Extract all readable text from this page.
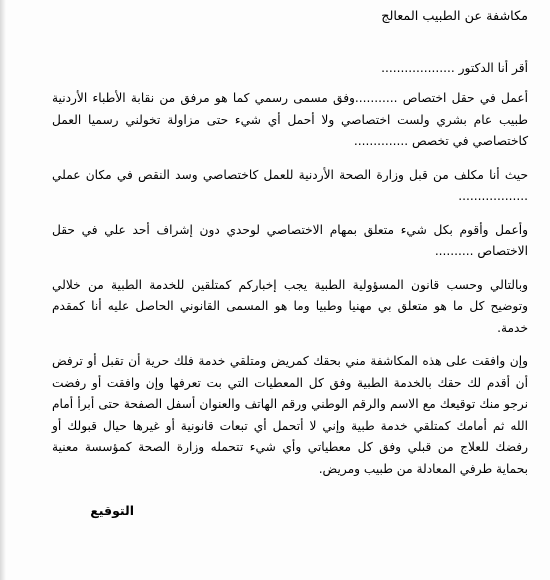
مكاشفة عن الطبيب المعالج
أقر أنا الدكتور ...................
أعمل في حقل اختصاص ...........وفق مسمى رسمي كما هو مرفق من نقابة الأطباء الأردنية طبيب عام بشري ولست اختصاصي ولا أحمل أي شيء حتى مزاولة تخولني رسميا العمل كاختصاصي في تخصص ..............
حيث أنا مكلف من قبل وزارة الصحة الأردنية للعمل كاختصاصي وسد النقص في مكان عملي ..................
وأعمل وأقوم بكل شيء متعلق بمهام الاختصاصي لوحدي دون إشراف أحد علي في حقل الاختصاص ..........
وبالتالي وحسب قانون المسؤولية الطبية يجب إخباركم كمتلقين للخدمة الطبية من خلالي وتوضيح كل ما هو متعلق بي مهنيا وطبيا وما هو المسمى القانوني الحاصل عليه أنا كمقدم خدمة.
وإن وافقت على هذه المكاشفة مني بحقك كمريض ومتلقي خدمة فلك حرية أن تقبل أو ترفض أن أقدم لك حقك بالخدمة الطبية وفق كل المعطيات التي بت تعرفها وإن وافقت أو رفضت نرجو منك توقيعك مع الاسم والرقم الوطني ورقم الهاتف والعنوان أسفل الصفحة حتى أبرأ أمام الله ثم أمامك كمتلقي خدمة طبية وإني لا أتحمل أي تبعات قانونية أو غيرها حيال قبولك أو رفضك للعلاج من قبلي وفق كل معطياتي وأي شيء تتحمله وزارة الصحة كمؤسسة معنية بحماية طرفي المعادلة من طبيب ومريض.
التوقيع
